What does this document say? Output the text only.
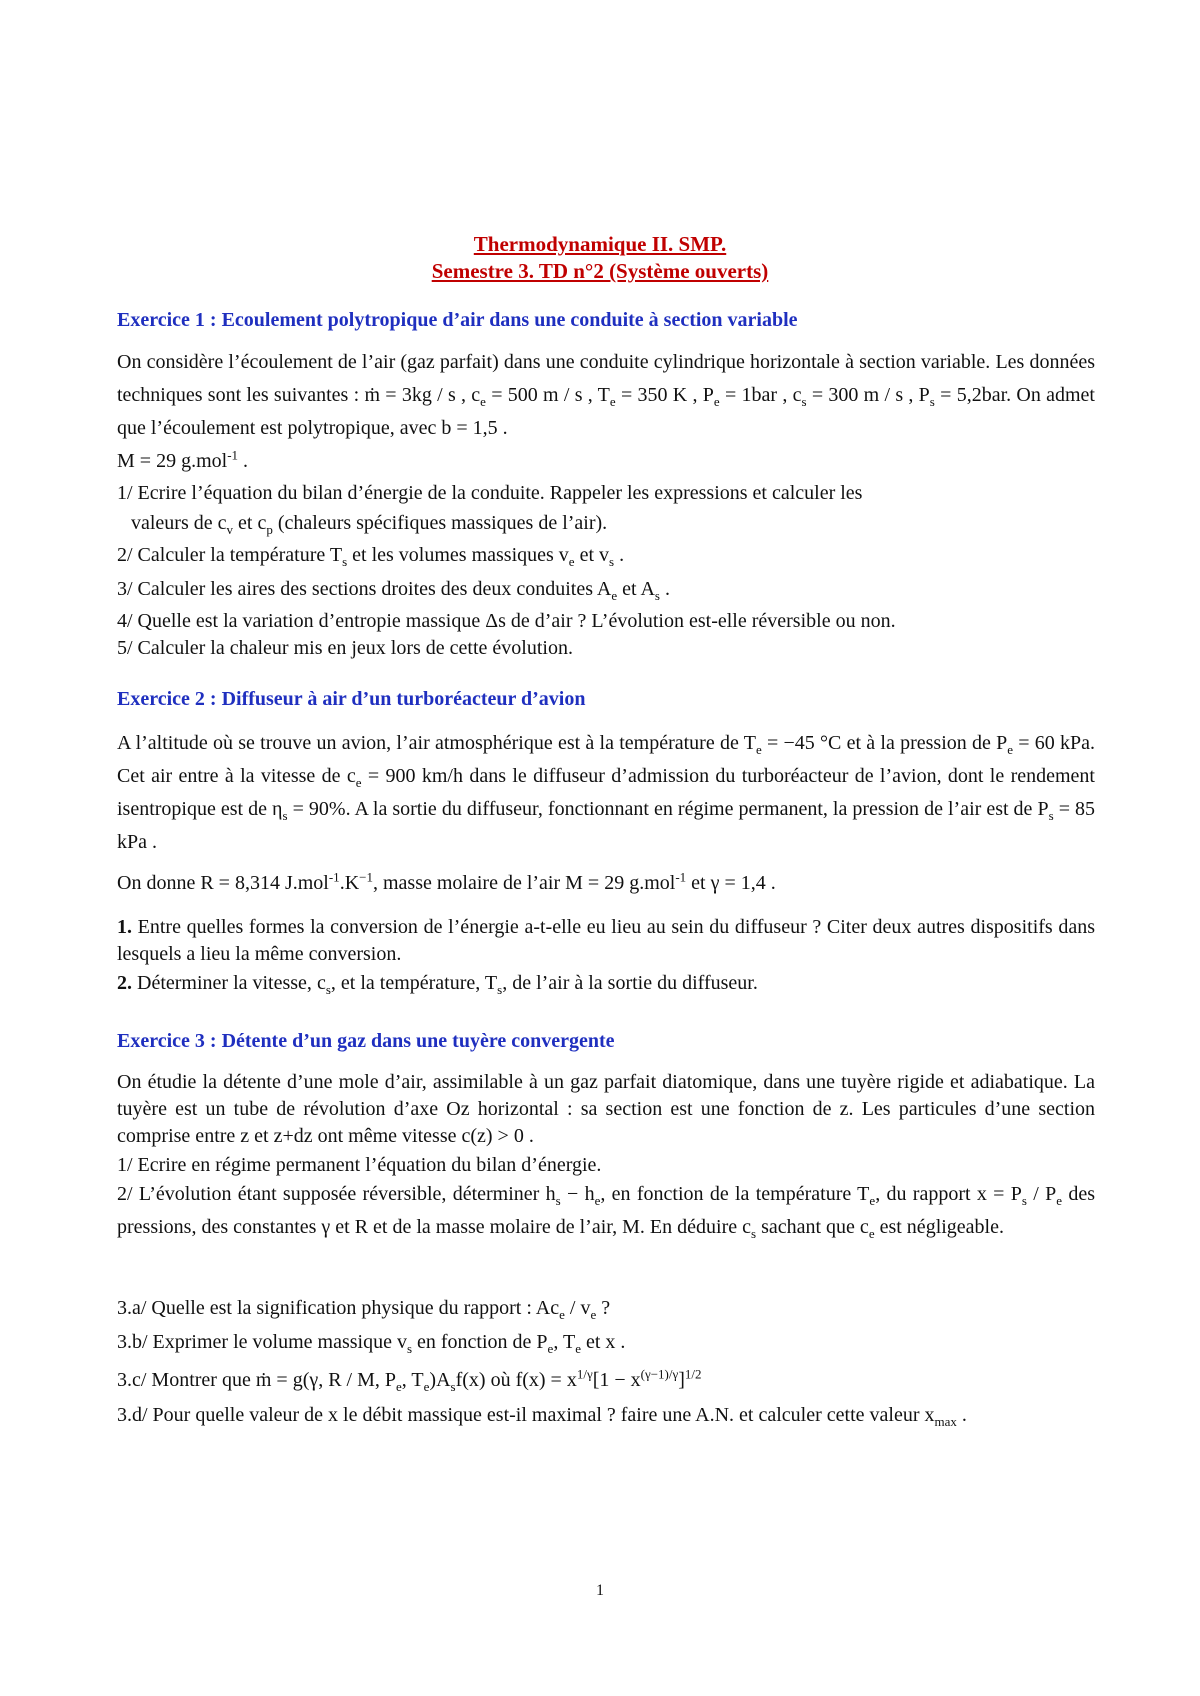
Thermodynamique II. SMP.
Semestre 3. TD n°2 (Système ouverts)
Exercice 1 : Ecoulement polytropique d’air dans une conduite à section variable
On considère l’écoulement de l’air (gaz parfait) dans une conduite cylindrique horizontale à section variable. Les données techniques sont les suivantes : ṁ = 3kg / s , $c_e = 500$ m / s , $T_e = 350$ K , $P_e = 1bar$ , $c_s = 300$ m / s , $P_s = 5,2bar$. On admet que l’écoulement est polytropique, avec b = 1,5 .
M = 29 g.mol$^{-1}$ .
1/ Ecrire l’équation du bilan d’énergie de la conduite. Rappeler les expressions et calculer les
valeurs de $c_v$ et $c_p$ (chaleurs spécifiques massiques de l’air).
2/ Calculer la température $T_s$ et les volumes massiques $v_e$ et $v_s$ .
3/ Calculer les aires des sections droites des deux conduites $A_e$ et $A_s$ .
4/ Quelle est la variation d’entropie massique Δs de d’air ? L’évolution est-elle réversible ou non.
5/ Calculer la chaleur mis en jeux lors de cette évolution.
Exercice 2 : Diffuseur à air d’un turboréacteur d’avion
A l’altitude où se trouve un avion, l’air atmosphérique est à la température de $T_e = -45$ °C et à la pression de $P_e = 60$ kPa. Cet air entre à la vitesse de $c_e = 900$ km/h dans le diffuseur d’admission du turboréacteur de l’avion, dont le rendement isentropique est de $\eta_s = 90\%$. A la sortie du diffuseur, fonctionnant en régime permanent, la pression de l’air est de $P_s = 85$ kPa .
On donne R = 8,314 $J.mol^{-1}.K^{-1}$, masse molaire de l’air M = 29 g.mol$^{-1}$ et γ = 1,4 .
1. Entre quelles formes la conversion de l’énergie a-t-elle eu lieu au sein du diffuseur ? Citer deux autres dispositifs dans lesquels a lieu la même conversion.
2. Déterminer la vitesse, $c_s$, et la température, $T_s$, de l’air à la sortie du diffuseur.
Exercice 3 : Détente d’un gaz dans une tuyère convergente
On étudie la détente d’une mole d’air, assimilable à un gaz parfait diatomique, dans une tuyère rigide et adiabatique. La tuyère est un tube de révolution d’axe Oz horizontal : sa section est une fonction de z. Les particules d’une section comprise entre z et z+dz ont même vitesse c(z) > 0 .
1/ Ecrire en régime permanent l’équation du bilan d’énergie.
2/ L’évolution étant supposée réversible, déterminer $h_s - h_e$, en fonction de la température $T_e$, du rapport $x = P_s / P_e$ des pressions, des constantes γ et R et de la masse molaire de l’air, M. En déduire $c_s$ sachant que $c_e$ est négligeable.
3.a/ Quelle est la signification physique du rapport : $Ac_e / v_e$ ?
3.b/ Exprimer le volume massique $v_s$ en fonction de $P_e$, $T_e$ et x .
3.c/ Montrer que ṁ = g(γ, R / M, $P_e$, $T_e)A_sf(x)$ où $f(x) = x^{1/\gamma}[1 - x^{(\gamma-1)/\gamma}]^{1/2}$
3.d/ Pour quelle valeur de x le débit massique est-il maximal ? faire une A.N. et calculer cette valeur $x_{max}$ .
1
